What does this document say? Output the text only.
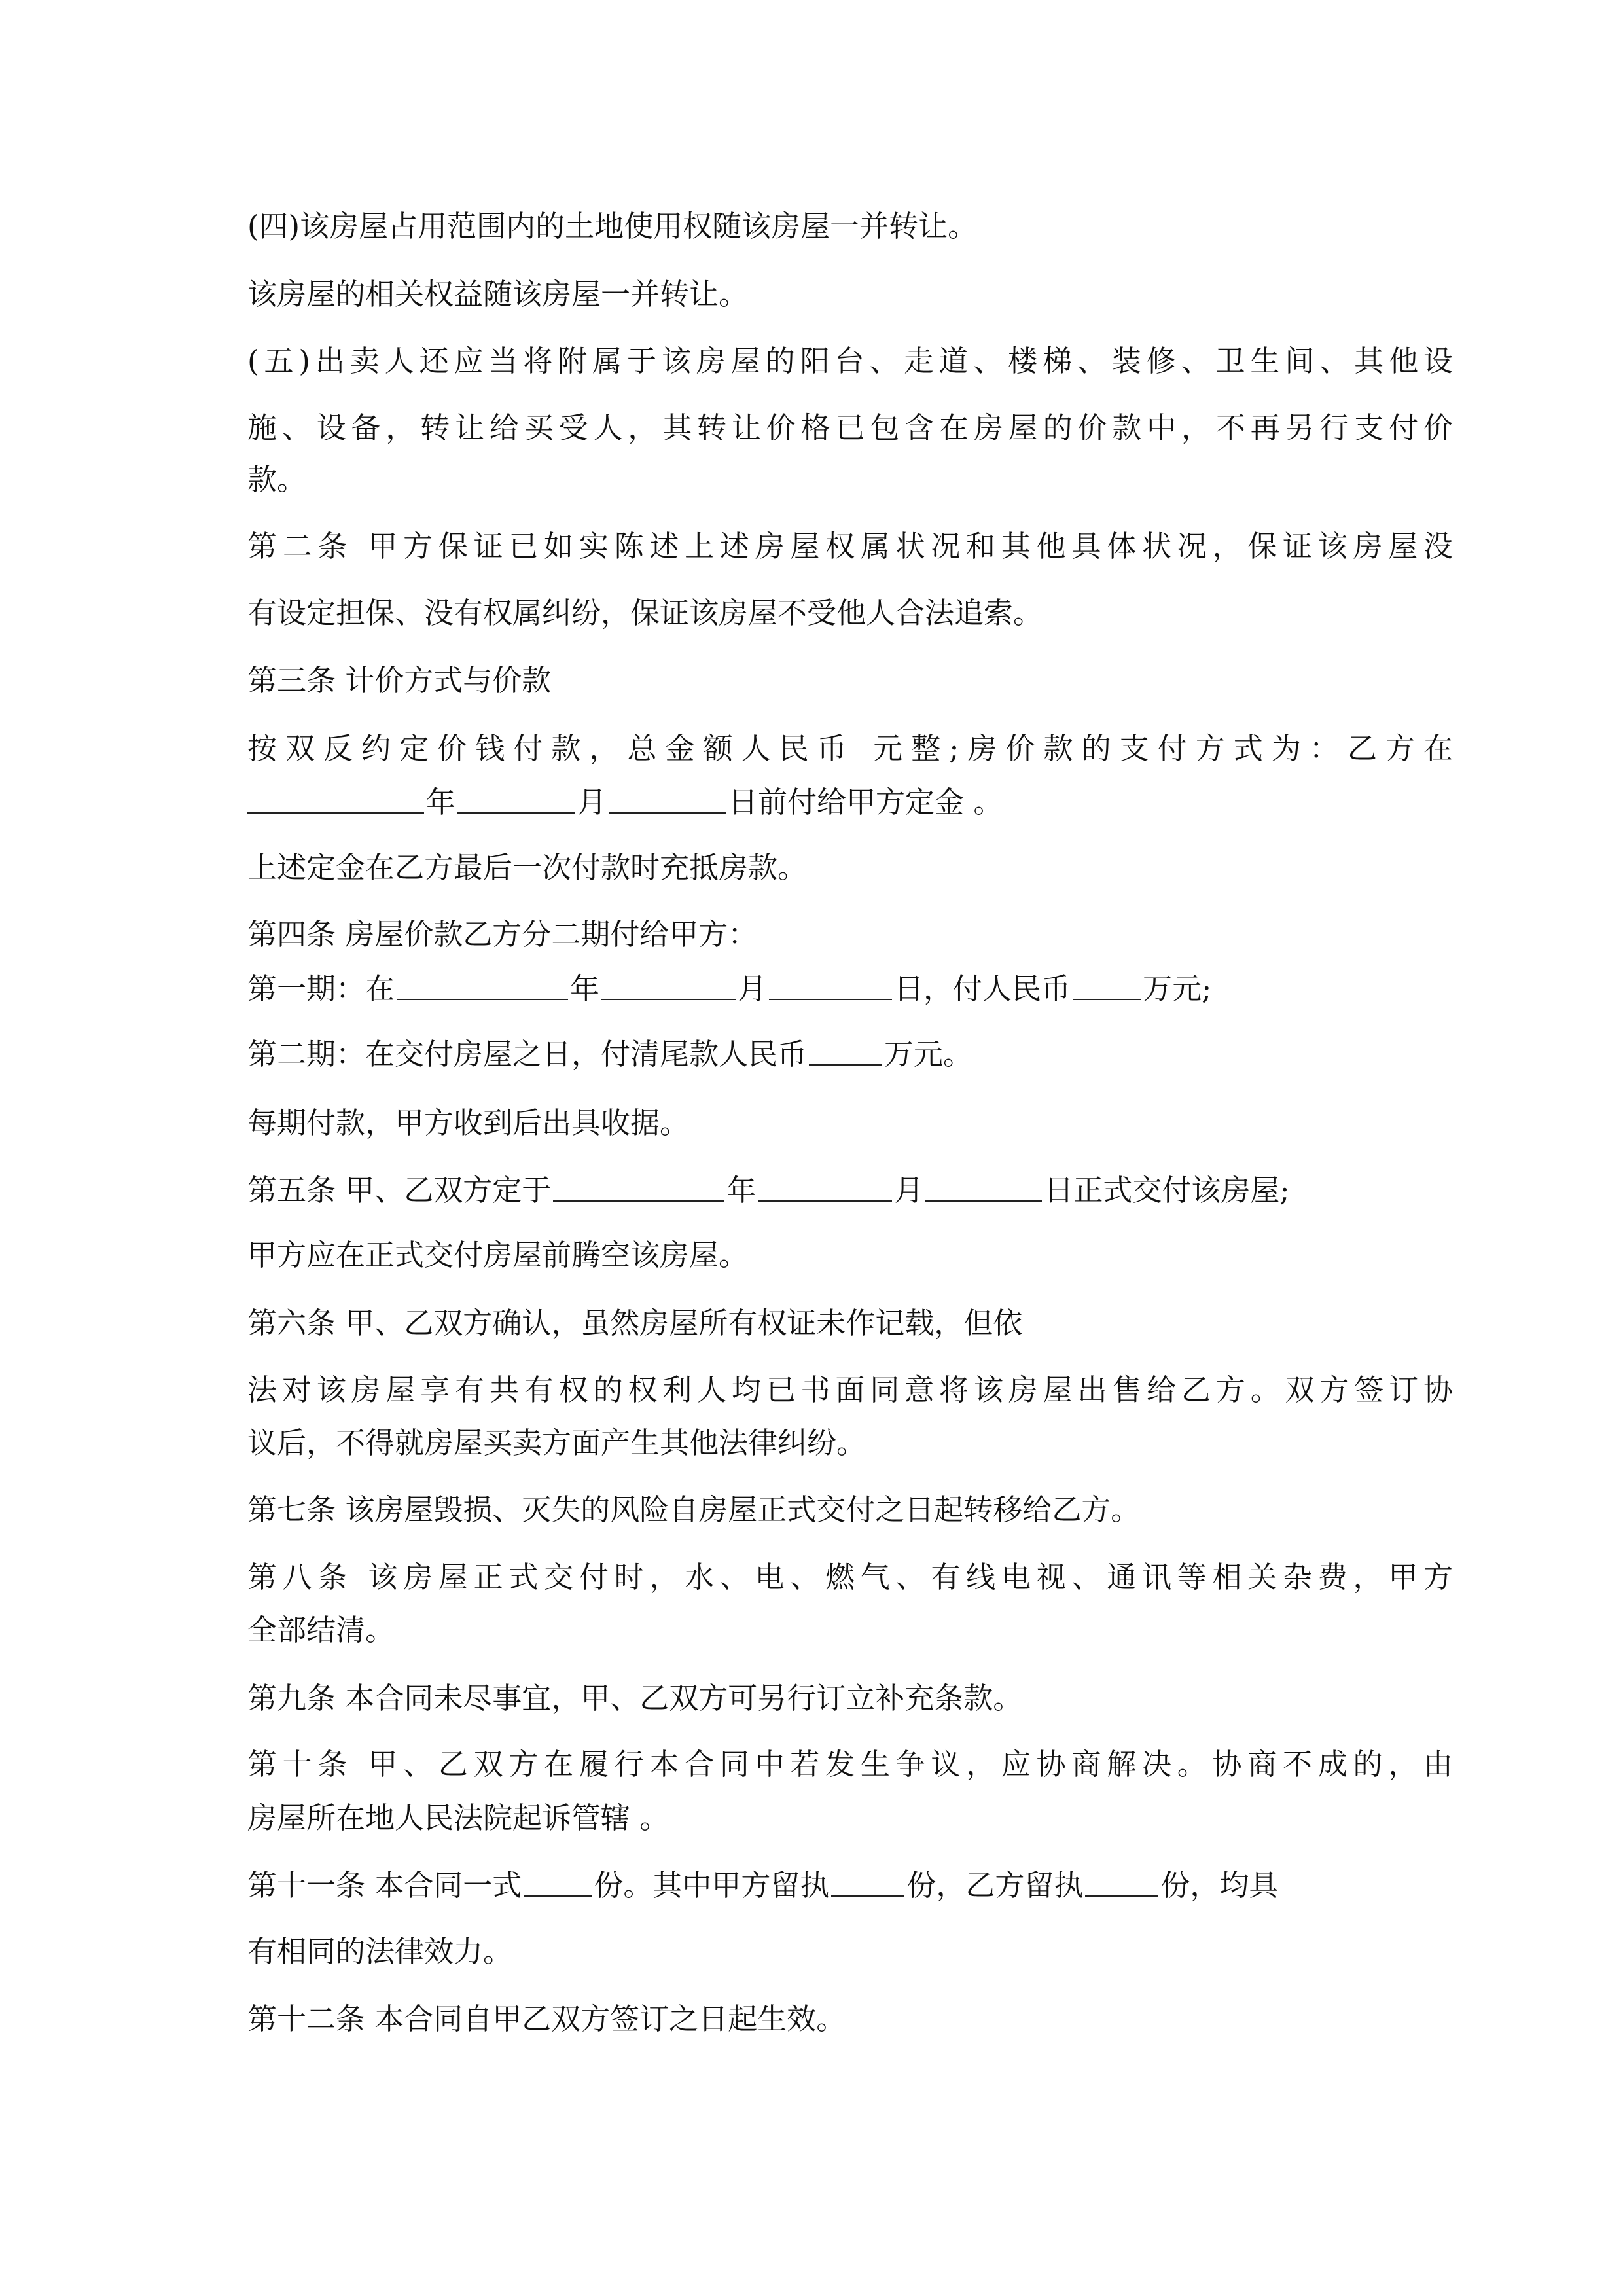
(四)该房屋占用范围内的土地使用权随该房屋一并转让。
该房屋的相关权益随该房屋一并转让。
(五)出卖人还应当将附属于该房屋的阳台、走道、楼梯、装修、卫生间、其他设
施、设备，转让给买受人，其转让价格已包含在房屋的价款中，不再另行支付价
款。
第二条 甲方保证已如实陈述上述房屋权属状况和其他具体状况，保证该房屋没
有设定担保、没有权属纠纷，保证该房屋不受他人合法追索。
第三条 计价方式与价款
按双反约定价钱付款，总金额人民币 元整;房价款的支付方式为：乙方在
年	月	日前付给甲方定金 。
上述定金在乙方最后一次付款时充抵房款。
第四条 房屋价款乙方分二期付给甲方：
第一期：在	年	月	日，付人民币 万元;
第二期：在交付房屋之日，付清尾款人民币	万元。
每期付款，甲方收到后出具收据。
第五条 甲、乙双方定于	年	月	日正式交付该房屋;
甲方应在正式交付房屋前腾空该房屋。
第六条 甲、乙双方确认，虽然房屋所有权证未作记载，但依
法对该房屋享有共有权的权利人均已书面同意将该房屋出售给乙方。双方签订协
议后，不得就房屋买卖方面产生其他法律纠纷。
第七条 该房屋毁损、灭失的风险自房屋正式交付之日起转移给乙方。
第八条 该房屋正式交付时，水、电、燃气、有线电视、通讯等相关杂费，甲方
全部结清。
第九条 本合同未尽事宜，甲、乙双方可另行订立补充条款。
第十条 甲、乙双方在履行本合同中若发生争议，应协商解决。协商不成的，由
房屋所在地人民法院起诉管辖 。
第十一条 本合同一式 份。其中甲方留执	份，乙方留执	份，均具
有相同的法律效力。
第十二条 本合同自甲乙双方签订之日起生效。
